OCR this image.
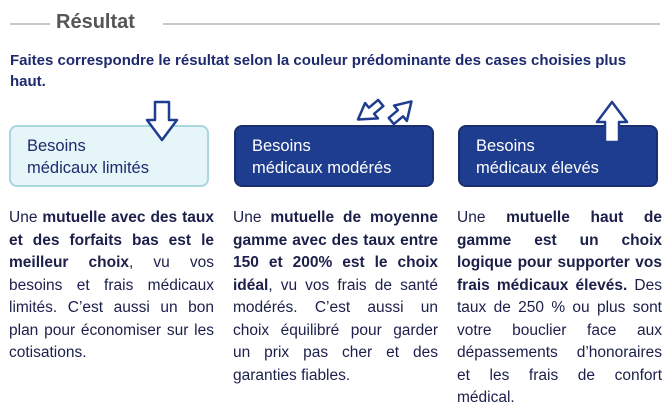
Résultat
Faites correspondre le résultat selon la couleur prédominante des cases choisies plus haut.
Besoins
médicaux limités
Besoins
médicaux modérés
Besoins
médicaux élevés
Une mutuelle avec des taux et des forfaits bas est le meilleur choix, vu vos besoins et frais médicaux limités. C’est aussi un bon plan pour économiser sur les cotisations.
Une mutuelle de moyenne gamme avec des taux entre 150 et 200% est le choix idéal, vu vos frais de santé modérés. C’est aussi un choix équilibré pour garder un prix pas cher et des garanties fiables.
Une mutuelle haut de gamme est un choix logique pour supporter vos frais médicaux élevés. Des taux de 250 % ou plus sont votre bouclier face aux dépassements d’honoraires et les frais de confort médical.
